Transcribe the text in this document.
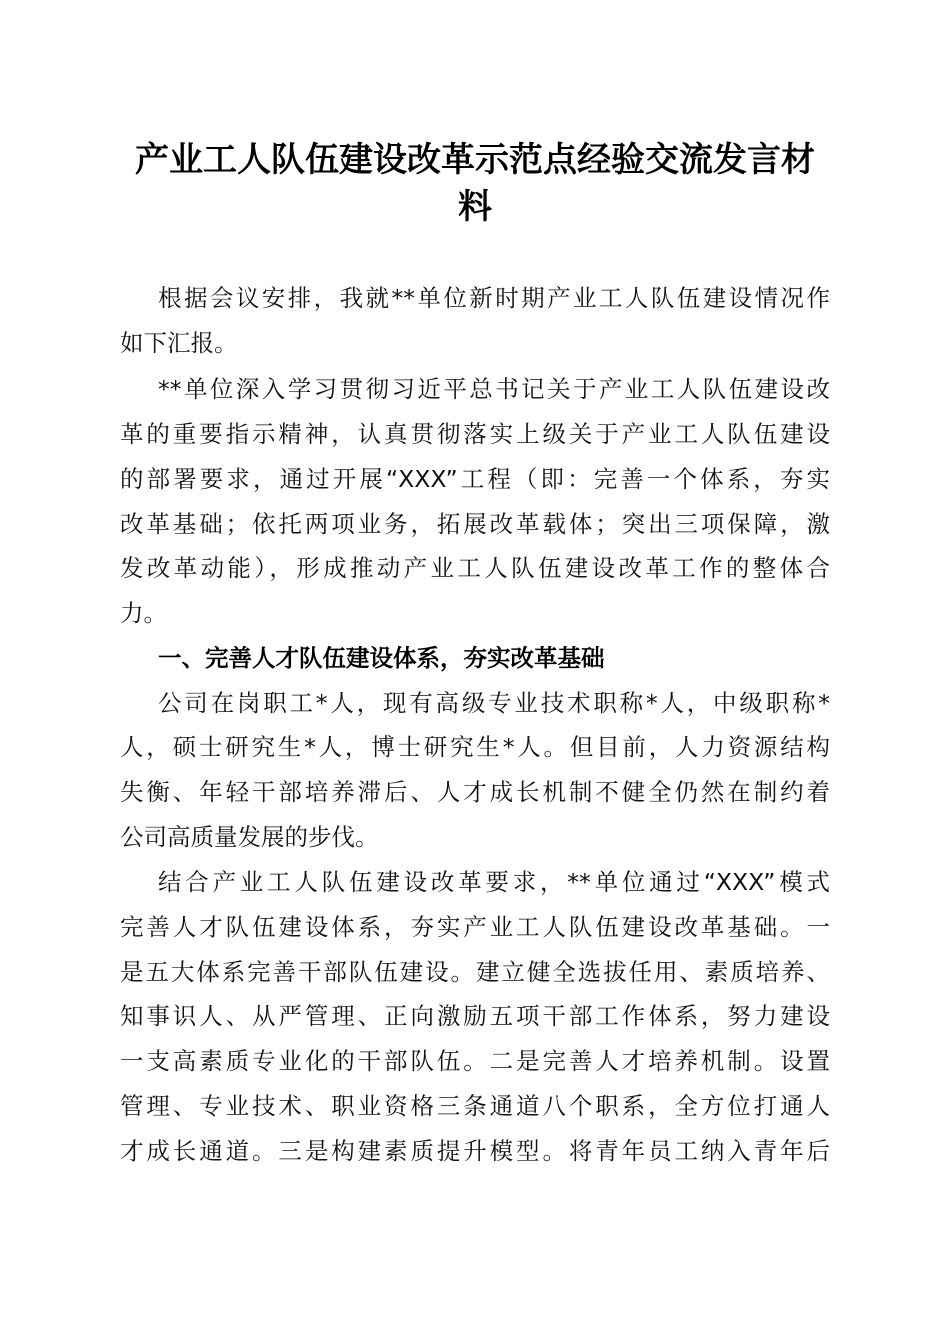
产业工人队伍建设改革示范点经验交流发言材
料
根据会议安排，我就**单位新时期产业工人队伍建设情况作
如下汇报。
**单位深入学习贯彻习近平总书记关于产业工人队伍建设改
革的重要指示精神，认真贯彻落实上级关于产业工人队伍建设
的部署要求，通过开展“XXX”工程（即：完善一个体系，夯实
改革基础；依托两项业务，拓展改革载体；突出三项保障，激
发改革动能），形成推动产业工人队伍建设改革工作的整体合
力。
一、完善人才队伍建设体系，夯实改革基础
公司在岗职工*人，现有高级专业技术职称*人，中级职称*
人，硕士研究生*人，博士研究生*人。但目前，人力资源结构
失衡、年轻干部培养滞后、人才成长机制不健全仍然在制约着
公司高质量发展的步伐。
结合产业工人队伍建设改革要求，**单位通过“XXX”模式
完善人才队伍建设体系，夯实产业工人队伍建设改革基础。一
是五大体系完善干部队伍建设。建立健全选拔任用、素质培养、
知事识人、从严管理、正向激励五项干部工作体系，努力建设
一支高素质专业化的干部队伍。二是完善人才培养机制。设置
管理、专业技术、职业资格三条通道八个职系，全方位打通人
才成长通道。三是构建素质提升模型。将青年员工纳入青年后
